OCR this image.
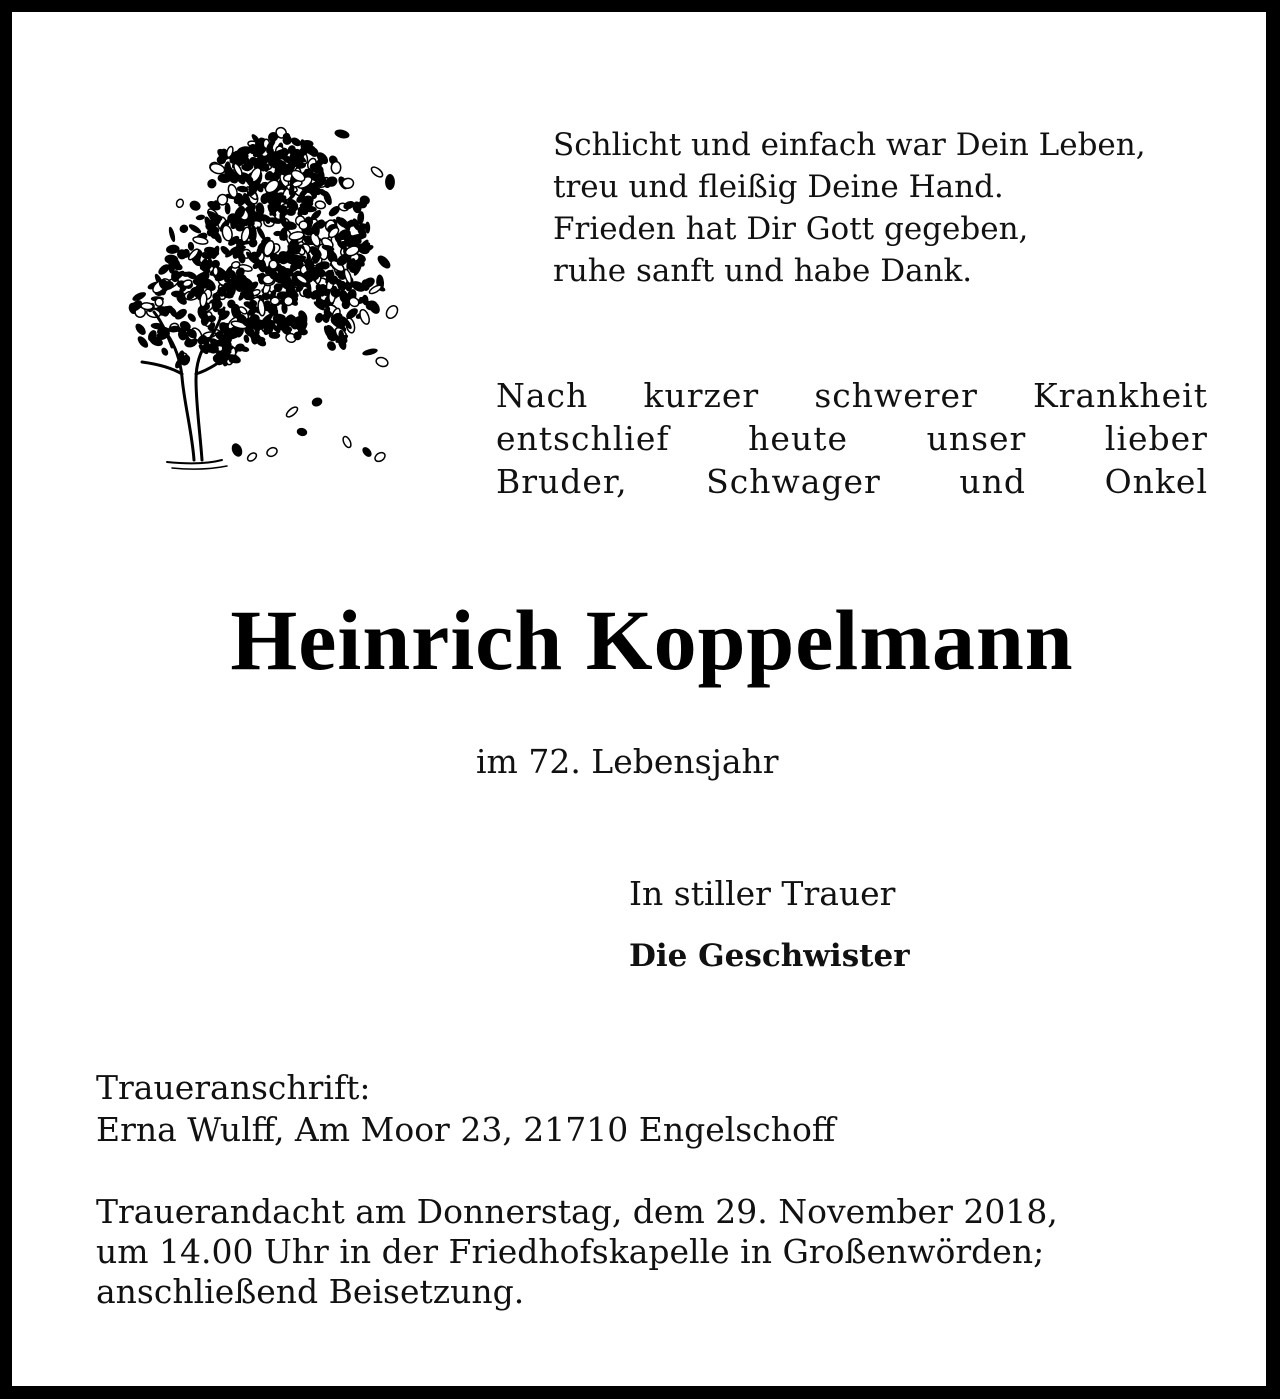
Schlicht und einfach war Dein Leben,
treu und fleißig Deine Hand.
Frieden hat Dir Gott gegeben,
ruhe sanft und habe Dank.
Nach kurzer schwerer Krankheit
entschlief heute unser lieber
Bruder, Schwager und Onkel
Heinrich Koppelmann
im 72. Lebensjahr
In stiller Trauer
Die Geschwister
Traueranschrift:
Erna Wulff, Am Moor 23, 21710 Engelschoff
Trauerandacht am Donnerstag, dem 29. November 2018,
um 14.00 Uhr in der Friedhofskapelle in Großenwörden;
anschließend Beisetzung.
